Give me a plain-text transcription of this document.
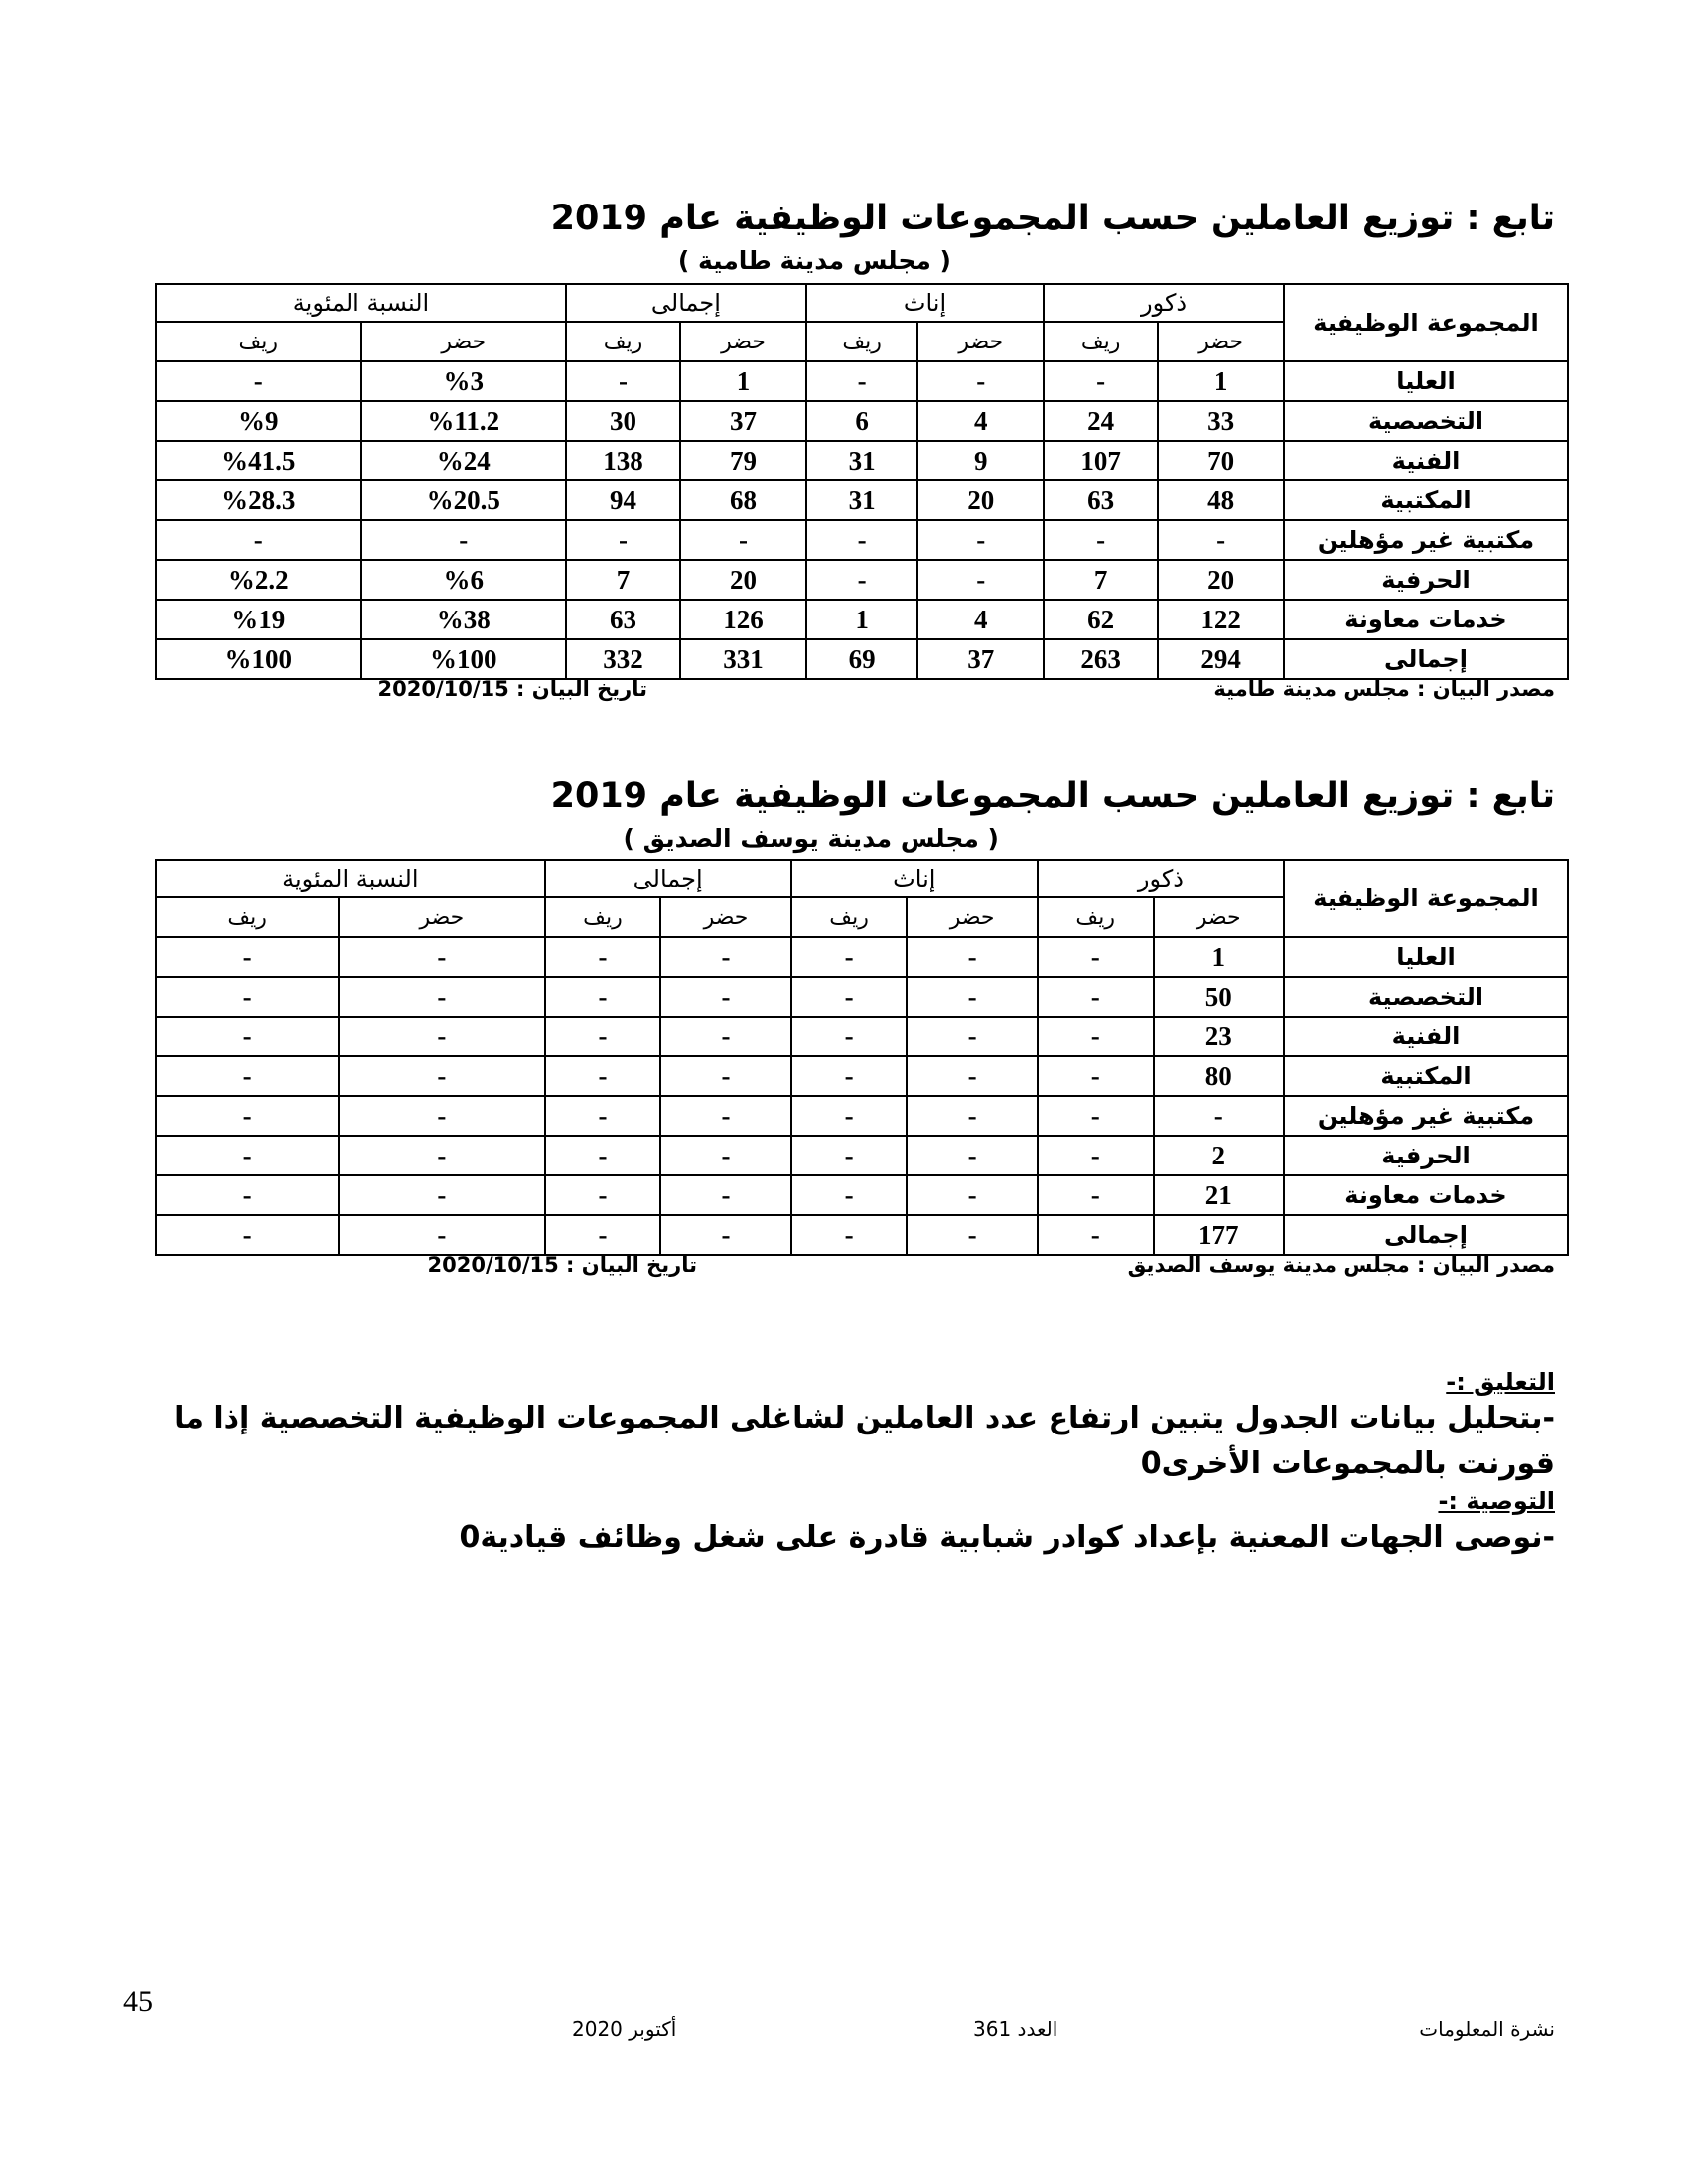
تابع : توزيع العاملين حسب المجموعات الوظيفية عام 2019
( مجلس مدينة طامية )
المجموعة الوظيفية	ذكور		إناث		إجمالى		النسبة المئوية	
	حضر	ريف	حضر	ريف	حضر	ريف	حضر	ريف
العليا	1	-	-	-	1	-	%3	-
التخصصية	33	24	4	6	37	30	%11.2	%9
الفنية	70	107	9	31	79	138	%24	%41.5
المكتبية	48	63	20	31	68	94	%20.5	%28.3
مكتبية غير مؤهلين	-	-	-	-	-	-	-	-
الحرفية	20	7	-	-	20	7	%6	%2.2
خدمات معاونة	122	62	4	1	126	63	%38	%19
إجمالى	294	263	37	69	331	332	%100	%100
مصدر البيان : مجلس مدينة طامية
تاريخ البيان : 2020/10/15
تابع : توزيع العاملين حسب المجموعات الوظيفية عام 2019
( مجلس مدينة يوسف الصديق )
المجموعة الوظيفية	ذكور		إناث		إجمالى		النسبة المئوية	
	حضر	ريف	حضر	ريف	حضر	ريف	حضر	ريف
العليا	1	-	-	-	-	-	-	-
التخصصية	50	-	-	-	-	-	-	-
الفنية	23	-	-	-	-	-	-	-
المكتبية	80	-	-	-	-	-	-	-
مكتبية غير مؤهلين	-	-	-	-	-	-	-	-
الحرفية	2	-	-	-	-	-	-	-
خدمات معاونة	21	-	-	-	-	-	-	-
إجمالى	177	-	-	-	-	-	-	-
مصدر البيان : مجلس مدينة يوسف الصديق
تاريخ البيان : 2020/10/15
التعليق :-
-بتحليل بيانات الجدول يتبين ارتفاع عدد العاملين لشاغلى المجموعات الوظيفية التخصصية إذا ما قورنت بالمجموعات الأخرى0
التوصية :-
-نوصى الجهات المعنية بإعداد كوادر شبابية قادرة على شغل وظائف قيادية0
45
نشرة المعلومات
العدد 361
أكتوبر 2020
